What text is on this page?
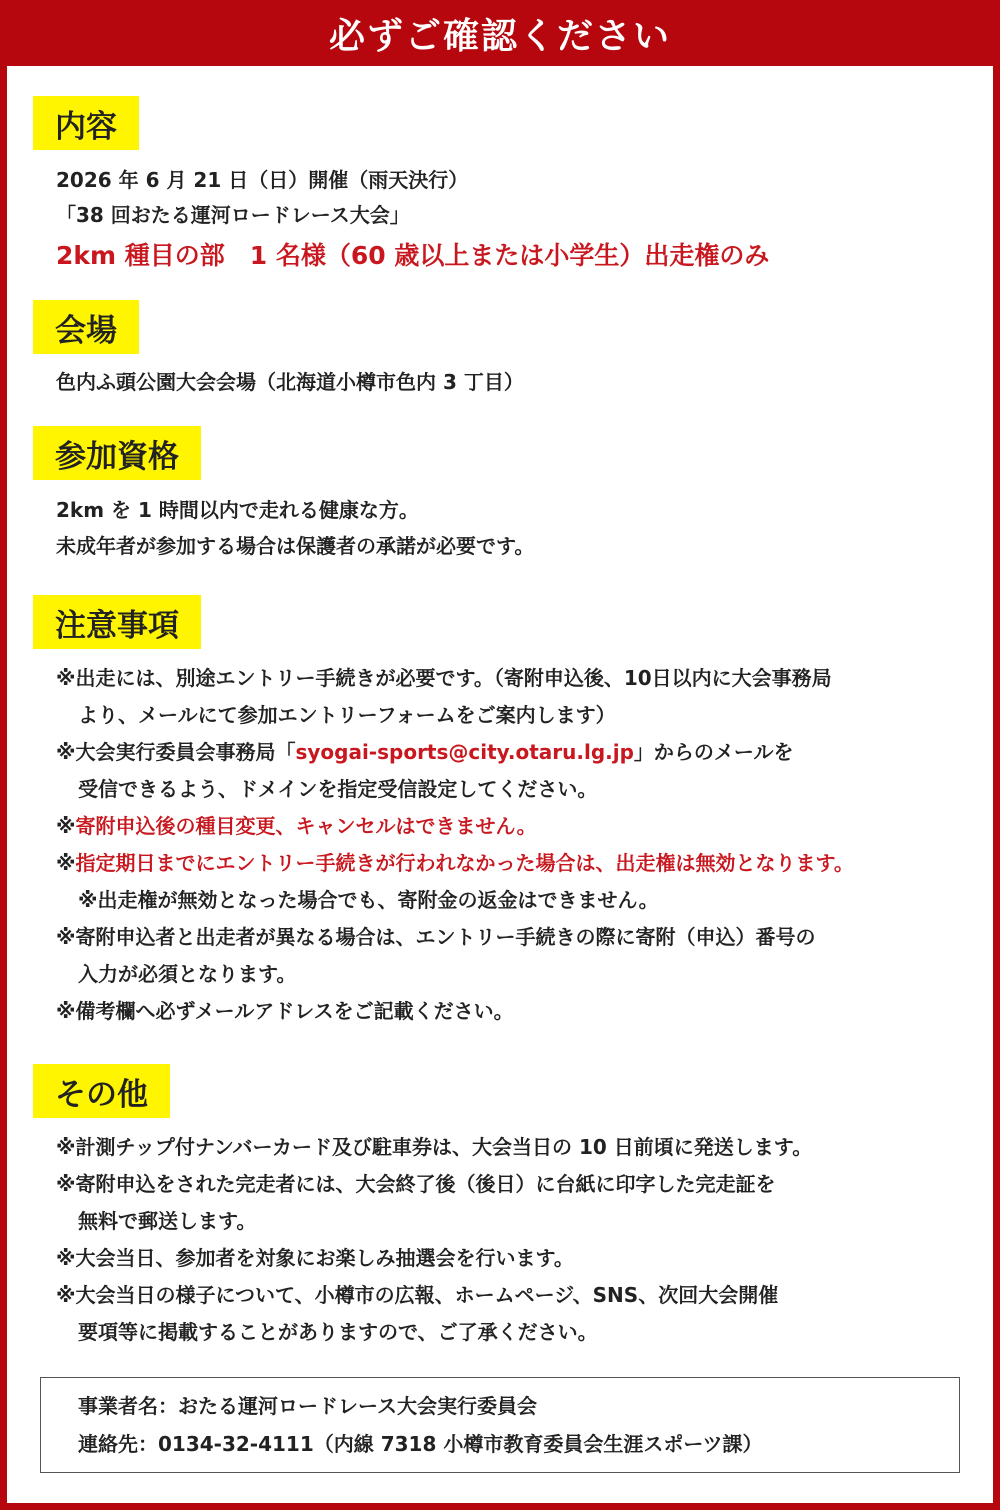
必ずご確認ください
内容
2026 年 6 月 21 日（日）開催（雨天決行）
「38 回おたる運河ロードレース大会」
2km 種目の部　1 名様（60 歳以上または小学生）出走権のみ
会場
色内ふ頭公園大会会場（北海道小樽市色内 3 丁目）
参加資格
2km を 1 時間以内で走れる健康な方。
未成年者が参加する場合は保護者の承諾が必要です。
注意事項
※出走には、別途エントリー手続きが必要です。（寄附申込後、10日以内に大会事務局
より、メールにて参加エントリーフォームをご案内します）
※大会実行委員会事務局「syogai-sports@city.otaru.lg.jp」からのメールを
受信できるよう、ドメインを指定受信設定してください。
※寄附申込後の種目変更、キャンセルはできません。
※指定期日までにエントリー手続きが行われなかった場合は、出走権は無効となります。
※出走権が無効となった場合でも、寄附金の返金はできません。
※寄附申込者と出走者が異なる場合は、エントリー手続きの際に寄附（申込）番号の
入力が必須となります。
※備考欄へ必ずメールアドレスをご記載ください。
その他
※計測チップ付ナンバーカード及び駐車券は、大会当日の 10 日前頃に発送します。
※寄附申込をされた完走者には、大会終了後（後日）に台紙に印字した完走証を
無料で郵送します。
※大会当日、参加者を対象にお楽しみ抽選会を行います。
※大会当日の様子について、小樽市の広報、ホームページ、SNS、次回大会開催
要項等に掲載することがありますので、ご了承ください。
事業者名：おたる運河ロードレース大会実行委員会
連絡先：0134-32-4111（内線 7318 小樽市教育委員会生涯スポーツ課）
